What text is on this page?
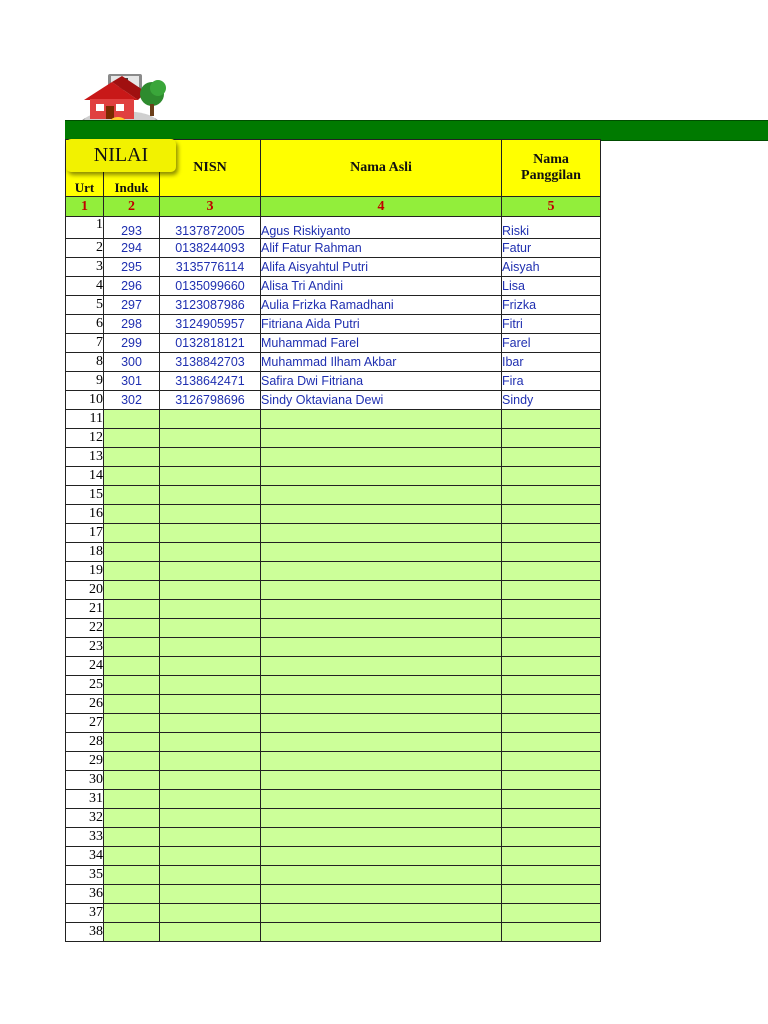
NILAI
Urt	Induk	NISN	Nama Asli	Nama
Panggilan

1	2	3	4	5
1	293	3137872005	Agus Riskiyanto	Riski
2	294	0138244093	Alif Fatur Rahman	Fatur
3	295	3135776114	Alifa Aisyahtul Putri	Aisyah
4	296	0135099660	Alisa Tri Andini	Lisa
5	297	3123087986	Aulia Frizka Ramadhani	Frizka
6	298	3124905957	Fitriana Aida Putri	Fitri
7	299	0132818121	Muhammad Farel	Farel
8	300	3138842703	Muhammad Ilham Akbar	Ibar
9	301	3138642471	Safira Dwi Fitriana	Fira
10	302	3126798696	Sindy Oktaviana Dewi	Sindy
11				
12				
13				
14				
15				
16				
17				
18				
19				
20				
21				
22				
23				
24				
25				
26				
27				
28				
29				
30				
31				
32				
33				
34				
35				
36				
37				
38				
